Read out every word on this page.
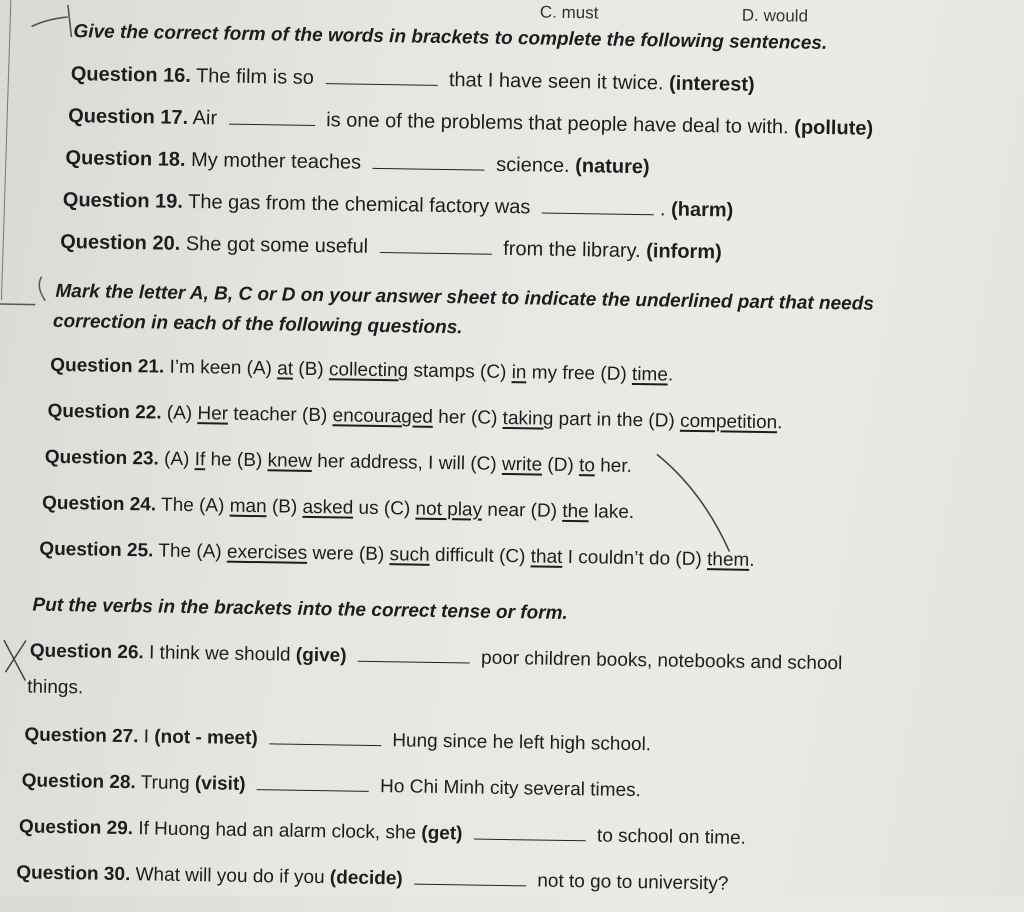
C. must	D. would
Give the correct form of the words in brackets to complete the following sentences.
Question 16. The film is so	that I have seen it twice. (interest)
Question 17. Air	is one of the problems that people have deal to with. (pollute)
Question 18. My mother teaches	science. (nature)
Question 19. The gas from the chemical factory was	. (harm)
Question 20. She got some useful	from the library. (inform)
Mark the letter A, B, C or D on your answer sheet to indicate the underlined part that needs
correction in each of the following questions.
Question 21. I’m keen (A) at (B) collecting stamps (C) in my free (D) time.
Question 22. (A) Her teacher (B) encouraged her (C) taking part in the (D) competition.
Question 23. (A) If he (B) knew her address, I will (C) write (D) to her.
Question 24. The (A) man (B) asked us (C) not play near (D) the lake.
Question 25. The (A) exercises were (B) such difficult (C) that I couldn’t do (D) them.
Put the verbs in the brackets into the correct tense or form.
Question 26. I think we should (give)	poor children books, notebooks and school
things.
Question 27. I (not - meet)	Hung since he left high school.
Question 28. Trung (visit)	Ho Chi Minh city several times.
Question 29. If Huong had an alarm clock, she (get)	to school on time.
Question 30. What will you do if you (decide)	not to go to university?
